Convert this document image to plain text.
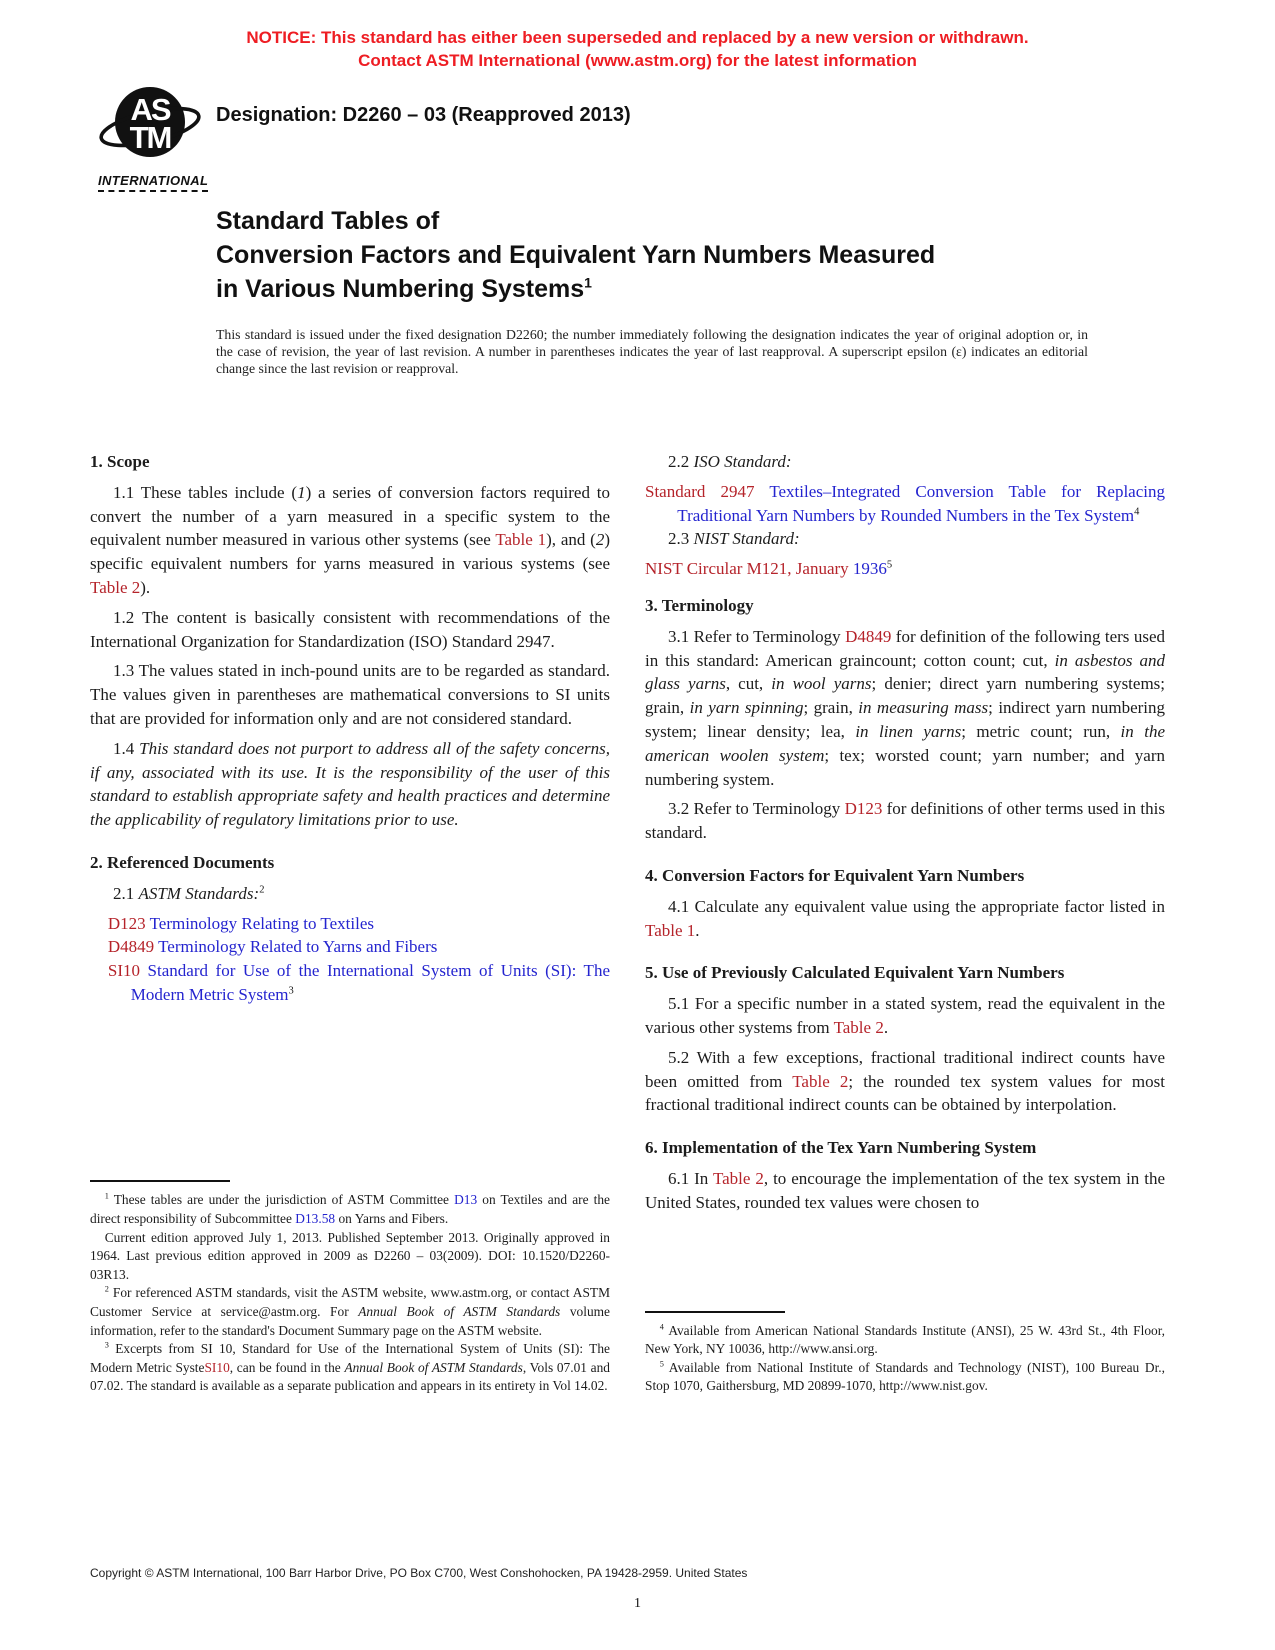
NOTICE: This standard has either been superseded and replaced by a new version or withdrawn.
Contact ASTM International (www.astm.org) for the latest information
AS
TM
INTERNATIONAL
Designation: D2260 – 03 (Reapproved 2013)
Standard Tables of
Conversion Factors and Equivalent Yarn Numbers Measured
in Various Numbering Systems$^1$

This standard is issued under the fixed designation D2260; the number immediately following the designation indicates the year of original adoption or, in the case of revision, the year of last revision. A number in parentheses indicates the year of last reapproval. A superscript epsilon (ε) indicates an editorial change since the last revision or reapproval.

1. Scope

1.1 These tables include (1) a series of conversion factors required to convert the number of a yarn measured in a specific system to the equivalent number measured in various other systems (see Table 1), and (2) specific equivalent numbers for yarns measured in various systems (see Table 2).

1.2 The content is basically consistent with recommendations of the International Organization for Standardization (ISO) Standard 2947.

1.3 The values stated in inch-pound units are to be regarded as standard. The values given in parentheses are mathematical conversions to SI units that are provided for information only and are not considered standard.

1.4 This standard does not purport to address all of the safety concerns, if any, associated with its use. It is the responsibility of the user of this standard to establish appropriate safety and health practices and determine the applicability of regulatory limitations prior to use.

2. Referenced Documents

2.1 ASTM Standards:$^2$

D123 Terminology Relating to Textiles

D4849 Terminology Related to Yarns and Fibers

SI10 Standard for Use of the International System of Units (SI): The Modern Metric System$^3$

$^1$ These tables are under the jurisdiction of ASTM Committee D13 on Textiles and are the direct responsibility of Subcommittee D13.58 on Yarns and Fibers.

Current edition approved July 1, 2013. Published September 2013. Originally approved in 1964. Last previous edition approved in 2009 as D2260 – 03(2009). DOI: 10.1520/D2260-03R13.

$^2$ For referenced ASTM standards, visit the ASTM website, www.astm.org, or contact ASTM Customer Service at service@astm.org. For Annual Book of ASTM Standards volume information, refer to the standard's Document Summary page on the ASTM website.

$^3$ Excerpts from SI 10, Standard for Use of the International System of Units (SI): The Modern Metric SysteSI10, can be found in the Annual Book of ASTM Standards, Vols 07.01 and 07.02. The standard is available as a separate publication and appears in its entirety in Vol 14.02.

2.2 ISO Standard:

Standard 2947 Textiles–Integrated Conversion Table for Replacing Traditional Yarn Numbers by Rounded Numbers in the Tex System$^4$

2.3 NIST Standard:

NIST Circular M121, January 1936$^5$

3. Terminology

3.1 Refer to Terminology D4849 for definition of the following ters used in this standard: American graincount; cotton count; cut, in asbestos and glass yarns, cut, in wool yarns; denier; direct yarn numbering systems; grain, in yarn spinning; grain, in measuring mass; indirect yarn numbering system; linear density; lea, in linen yarns; metric count; run, in the american woolen system; tex; worsted count; yarn number; and yarn numbering system.

3.2 Refer to Terminology D123 for definitions of other terms used in this standard.

4. Conversion Factors for Equivalent Yarn Numbers

4.1 Calculate any equivalent value using the appropriate factor listed in Table 1.

5. Use of Previously Calculated Equivalent Yarn Numbers

5.1 For a specific number in a stated system, read the equivalent in the various other systems from Table 2.

5.2 With a few exceptions, fractional traditional indirect counts have been omitted from Table 2; the rounded tex system values for most fractional traditional indirect counts can be obtained by interpolation.

6. Implementation of the Tex Yarn Numbering System

6.1 In Table 2, to encourage the implementation of the tex system in the United States, rounded tex values were chosen to

$^4$ Available from American National Standards Institute (ANSI), 25 W. 43rd St., 4th Floor, New York, NY 10036, http://www.ansi.org.

$^5$ Available from National Institute of Standards and Technology (NIST), 100 Bureau Dr., Stop 1070, Gaithersburg, MD 20899-1070, http://www.nist.gov.

Copyright © ASTM International, 100 Barr Harbor Drive, PO Box C700, West Conshohocken, PA 19428-2959. United States
1
